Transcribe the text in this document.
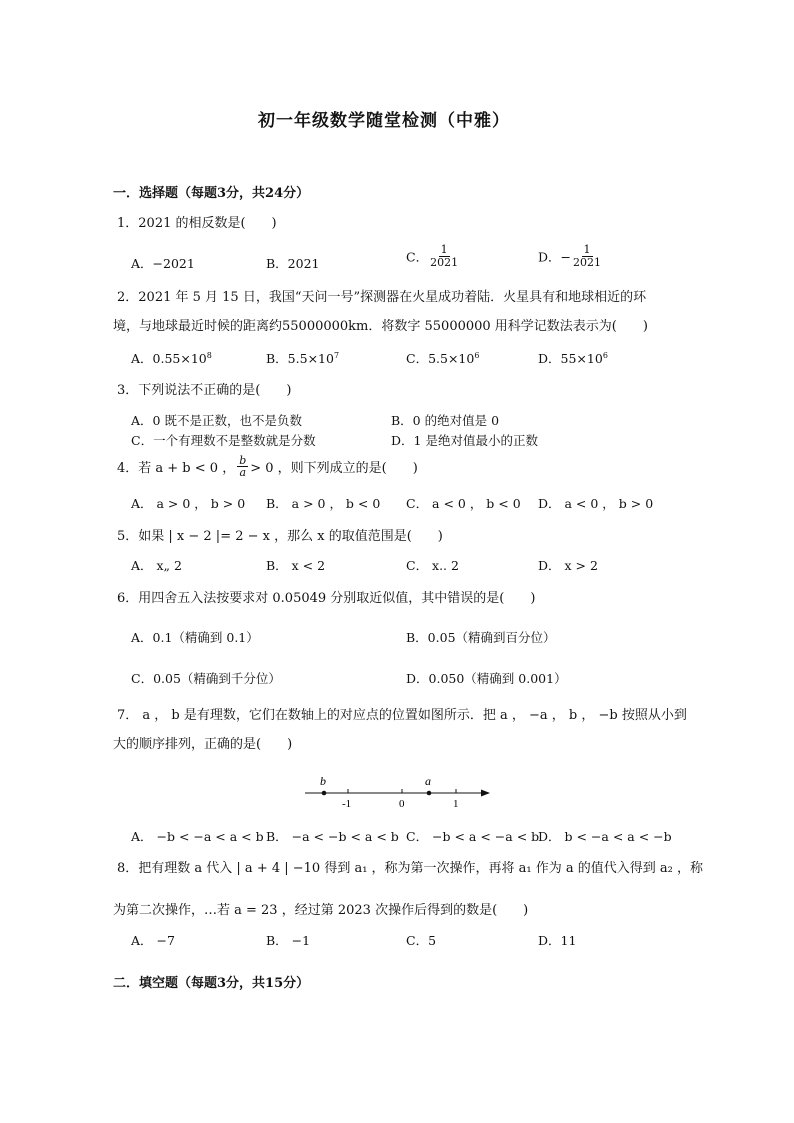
初一年级数学随堂检测（中雅）
一．选择题（每题3分，共24分）
1．2021 的相反数是(　　)
A．−2021	B．2021	C． $\frac{1}{2021}$	D．− $\frac{1}{2021}$
2．2021 年 5 月 15 日，我国“天问一号”探测器在火星成功着陆．火星具有和地球相近的环
境，与地球最近时候的距离约55000000km．将数字 55000000 用科学记数法表示为(　　)
A．$0.55\times 10^8$	B．$5.5\times 10^7$	C．$5.5\times 10^6$	D．$55\times 10^6$
3．下列说法不正确的是(　　)
A．0 既不是正数，也不是负数	B．0 的绝对值是 0
C．一个有理数不是整数就是分数	D．1 是绝对值最小的正数
4．若 a + b < 0 ， $\frac{b}{a} > 0$ ，则下列成立的是(　　)
A． a > 0 ， b > 0 B． a > 0 ， b < 0 C． a < 0 ， b < 0 D． a < 0 ， b > 0
5．如果 | x − 2 |= 2 − x ，那么 x 的取值范围是(　　)
A． x„ 2	B． x < 2	C． x.. 2	D． x > 2
6．用四舍五入法按要求对 0.05049 分别取近似值，其中错误的是(　　)
A．0.1（精确到 0.1）	B．0.05（精确到百分位）
C．0.05（精确到千分位）	D．0.050（精确到 0.001）
7． a ， b 是有理数，它们在数轴上的对应点的位置如图所示．把 a ， −a ， b ， −b 按照从小到
大的顺序排列，正确的是(　　)
b	a
-1	0	1
A． −b < −a < a < b B． −a < −b < a < b C． −b < a < −a < b
D． b < −a < a < −b
8．把有理数 a 代入 | a + 4 | −10 得到 a₁ ，称为第一次操作，再将 a₁ 作为 a 的值代入得到 a₂ ，称
为第二次操作，…若 a = 23 ，经过第 2023 次操作后得到的数是(　　)
A． −7	B． −1	C．5	D．11
二．填空题（每题3分，共15分）
